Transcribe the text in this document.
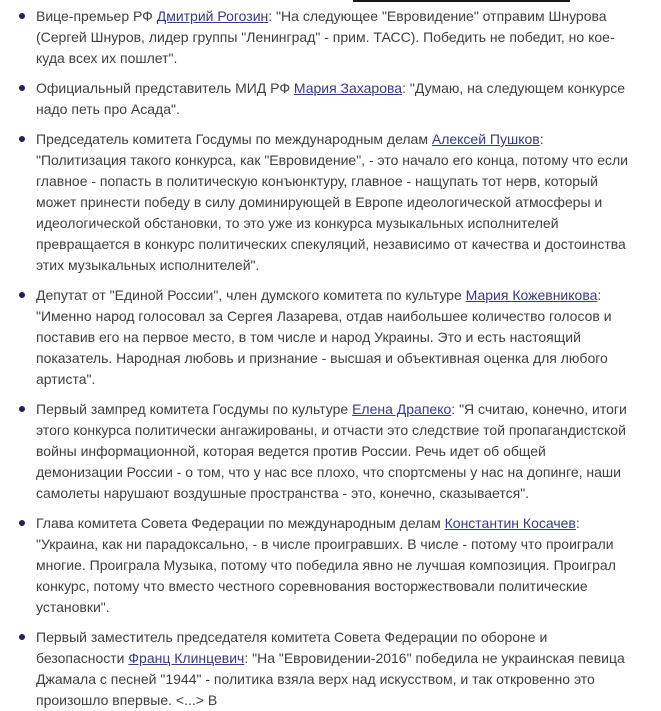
Вице-премьер РФ Дмитрий Рогозин: "На следующее "Евровидение" отправим Шнурова (Сергей Шнуров, лидер группы "Ленинград" - прим. ТАСС). Победить не победит, но кое-куда всех их пошлет".
Официальный представитель МИД РФ Мария Захарова: "Думаю, на следующем конкурсе надо петь про Асада".
Председатель комитета Госдумы по международным делам Алексей Пушков: "Политизация такого конкурса, как "Евровидение", - это начало его конца, потому что если главное - попасть в политическую конъюнктуру, главное - нащупать тот нерв, который может принести победу в силу доминирующей в Европе идеологической атмосферы и идеологической обстановки, то это уже из конкурса музыкальных исполнителей превращается в конкурс политических спекуляций, независимо от качества и достоинства этих музыкальных исполнителей".
Депутат от "Единой России", член думского комитета по культуре Мария Кожевникова: "Именно народ голосовал за Сергея Лазарева, отдав наибольшее количество голосов и поставив его на первое место, в том числе и народ Украины. Это и есть настоящий показатель. Народная любовь и признание - высшая и объективная оценка для любого артиста".
Первый зампред комитета Госдумы по культуре Елена Драпеко: "Я считаю, конечно, итоги этого конкурса политически ангажированы, и отчасти это следствие той пропагандистской войны информационной, которая ведется против России. Речь идет об общей демонизации России - о том, что у нас все плохо, что спортсмены у нас на допинге, наши самолеты нарушают воздушные пространства - это, конечно, сказывается".
Глава комитета Совета Федерации по международным делам Константин Косачев: "Украина, как ни парадоксально, - в числе проигравших. В числе - потому что проиграли многие. Проиграла Музыка, потому что победила явно не лучшая композиция. Проиграл конкурс, потому что вместо честного соревнования восторжествовали политические установки".
Первый заместитель председателя комитета Совета Федерации по обороне и безопасности Франц Клинцевич: "На "Евровидении-2016" победила не украинская певица Джамала с песней "1944" - политика взяла верх над искусством, и так откровенно это произошло впервые. <...> В
